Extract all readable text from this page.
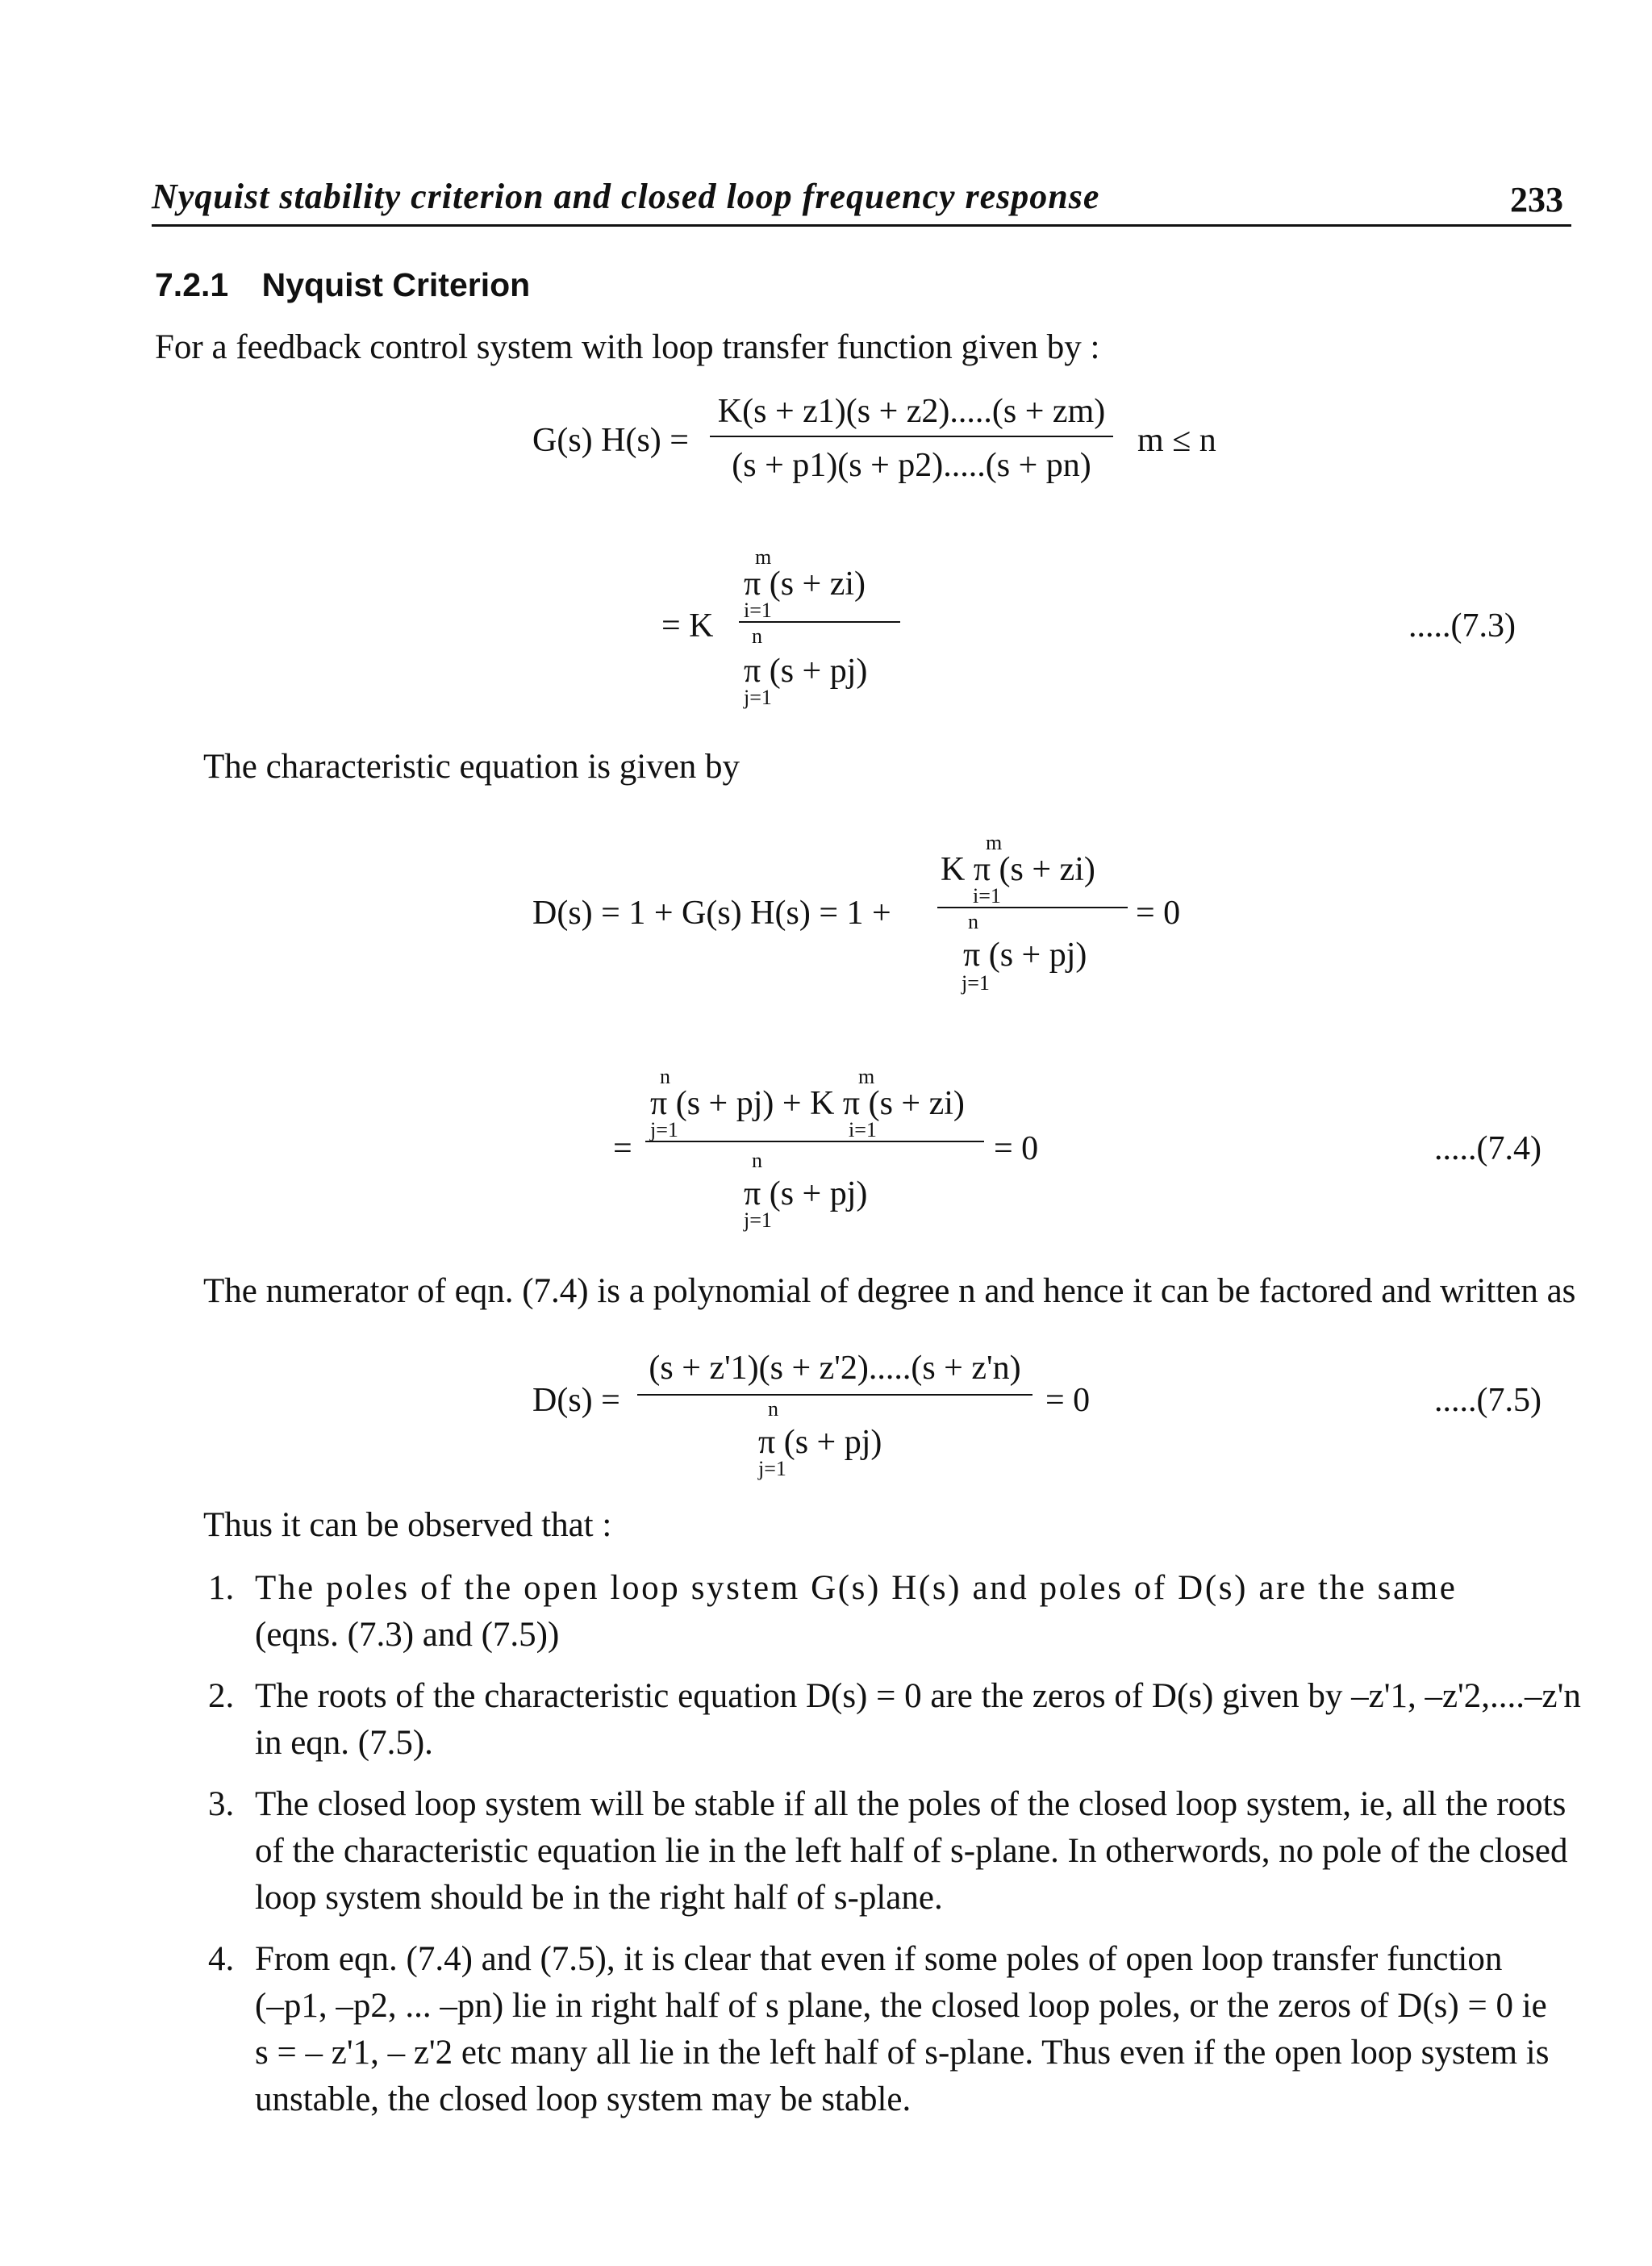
Nyquist stability criterion and closed loop frequency response	233
7.2.1 Nyquist Criterion
For a feedback control system with loop transfer function given by :
G(s) H(s) =
K(s + z1)(s + z2).....(s + zm)
(s + p1)(s + p2).....(s + pn)
m ≤ n
= K
m
π (s + zi)
i=1
n
π (s + pj)
j=1
.....(7.3)
The characteristic equation is given by
D(s) = 1 + G(s) H(s) = 1 +
m
K π (s + zi)
i=1
n
π (s + pj)
j=1
= 0
=
n	m
π (s + pj) + K π (s + zi)
j=1	i=1
n
π (s + pj)
j=1
= 0	.....(7.4)
The numerator of eqn. (7.4) is a polynomial of degree n and hence it can be factored and written as
D(s) =
(s + z'1)(s + z'2).....(s + z'n)
n
π (s + pj)
j=1
= 0	.....(7.5)
Thus it can be observed that :
1. The poles of the open loop system G(s) H(s) and poles of D(s) are the same
(eqns. (7.3) and (7.5))
2. The roots of the characteristic equation D(s) = 0 are the zeros of D(s) given by –z'1, –z'2,....–z'n
in eqn. (7.5).
3. The closed loop system will be stable if all the poles of the closed loop system, ie, all the roots
of the characteristic equation lie in the left half of s-plane. In otherwords, no pole of the closed
loop system should be in the right half of s-plane.
4. From eqn. (7.4) and (7.5), it is clear that even if some poles of open loop transfer function
(–p1, –p2, ... –pn) lie in right half of s plane, the closed loop poles, or the zeros of D(s) = 0 ie
s = – z'1, – z'2 etc many all lie in the left half of s-plane. Thus even if the open loop system is
unstable, the closed loop system may be stable.
